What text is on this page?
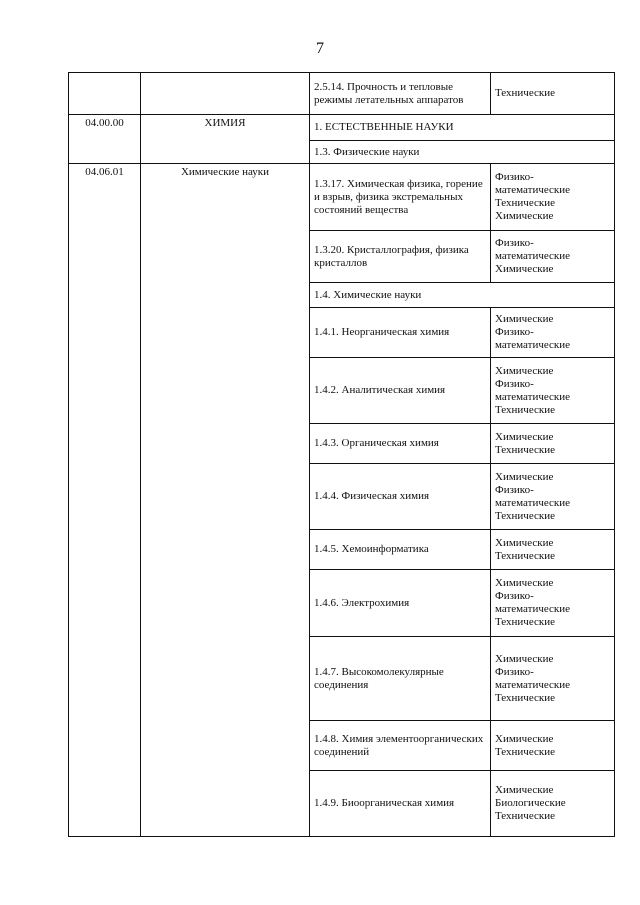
7
		2.5.14. Прочность и тепловые режимы летательных аппаратов	Технические

04.00.00	ХИМИЯ	1. ЕСТЕСТВЕННЫЕ НАУКИ	
		1.3. Физические науки	
04.06.01	Химические науки	1.3.17. Химическая физика, горение и взрыв, физика экстремальных состояний вещества	Физико-
математические
Технические
Химические

		1.3.20. Кристаллография, физика кристаллов	Физико-
математические
Химические

		1.4. Химические науки	
		1.4.1. Неорганическая химия	Химические
Физико-
математические

		1.4.2. Аналитическая химия	Химические
Физико-
математические
Технические

		1.4.3. Органическая химия	Химические
Технические

		1.4.4. Физическая химия	Химические
Физико-
математические
Технические

		1.4.5. Хемоинформатика	Химические
Технические

		1.4.6. Электрохимия	Химические
Физико-
математические
Технические

		1.4.7. Высокомолекулярные соединения	Химические
Физико-
математические
Технические

		1.4.8. Химия элементоорганических соединений	Химические
Технические

		1.4.9. Биоорганическая химия	Химические
Биологические
Технические
